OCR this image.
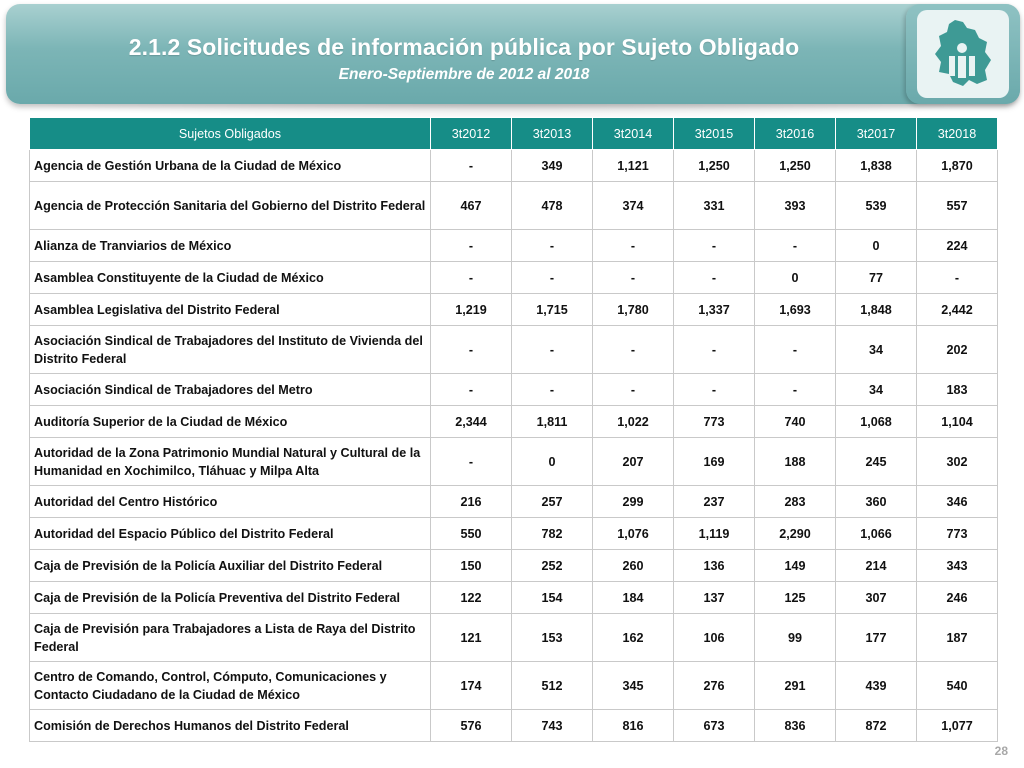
2.1.2 Solicitudes de información pública por Sujeto Obligado
Enero-Septiembre de 2012 al 2018
Sujetos Obligados	3t2012	3t2013	3t2014	3t2015	3t2016	3t2017	3t2018
Agencia de Gestión Urbana de la Ciudad de México	-	349	1,121	1,250	1,250	1,838	1,870
Agencia de Protección Sanitaria del Gobierno del Distrito Federal	467	478	374	331	393	539	557
Alianza de Tranviarios de México	-	-	-	-	-	0	224
Asamblea Constituyente de la Ciudad de México	-	-	-	-	0	77	-
Asamblea Legislativa del Distrito Federal	1,219	1,715	1,780	1,337	1,693	1,848	2,442
Asociación Sindical de Trabajadores del Instituto de Vivienda del Distrito Federal	-	-	-	-	-	34	202
Asociación Sindical de Trabajadores del Metro	-	-	-	-	-	34	183
Auditoría Superior de la Ciudad de México	2,344	1,811	1,022	773	740	1,068	1,104
Autoridad de la Zona Patrimonio Mundial Natural y Cultural de la Humanidad en Xochimilco, Tláhuac y Milpa Alta	-	0	207	169	188	245	302
Autoridad del Centro Histórico	216	257	299	237	283	360	346
Autoridad del Espacio Público del Distrito Federal	550	782	1,076	1,119	2,290	1,066	773
Caja de Previsión de la Policía Auxiliar del Distrito Federal	150	252	260	136	149	214	343
Caja de Previsión de la Policía Preventiva del Distrito Federal	122	154	184	137	125	307	246
Caja de Previsión para Trabajadores a Lista de Raya del Distrito Federal	121	153	162	106	99	177	187
Centro de Comando, Control, Cómputo, Comunicaciones y Contacto Ciudadano de la Ciudad de México	174	512	345	276	291	439	540
Comisión de Derechos Humanos del Distrito Federal	576	743	816	673	836	872	1,077
28
